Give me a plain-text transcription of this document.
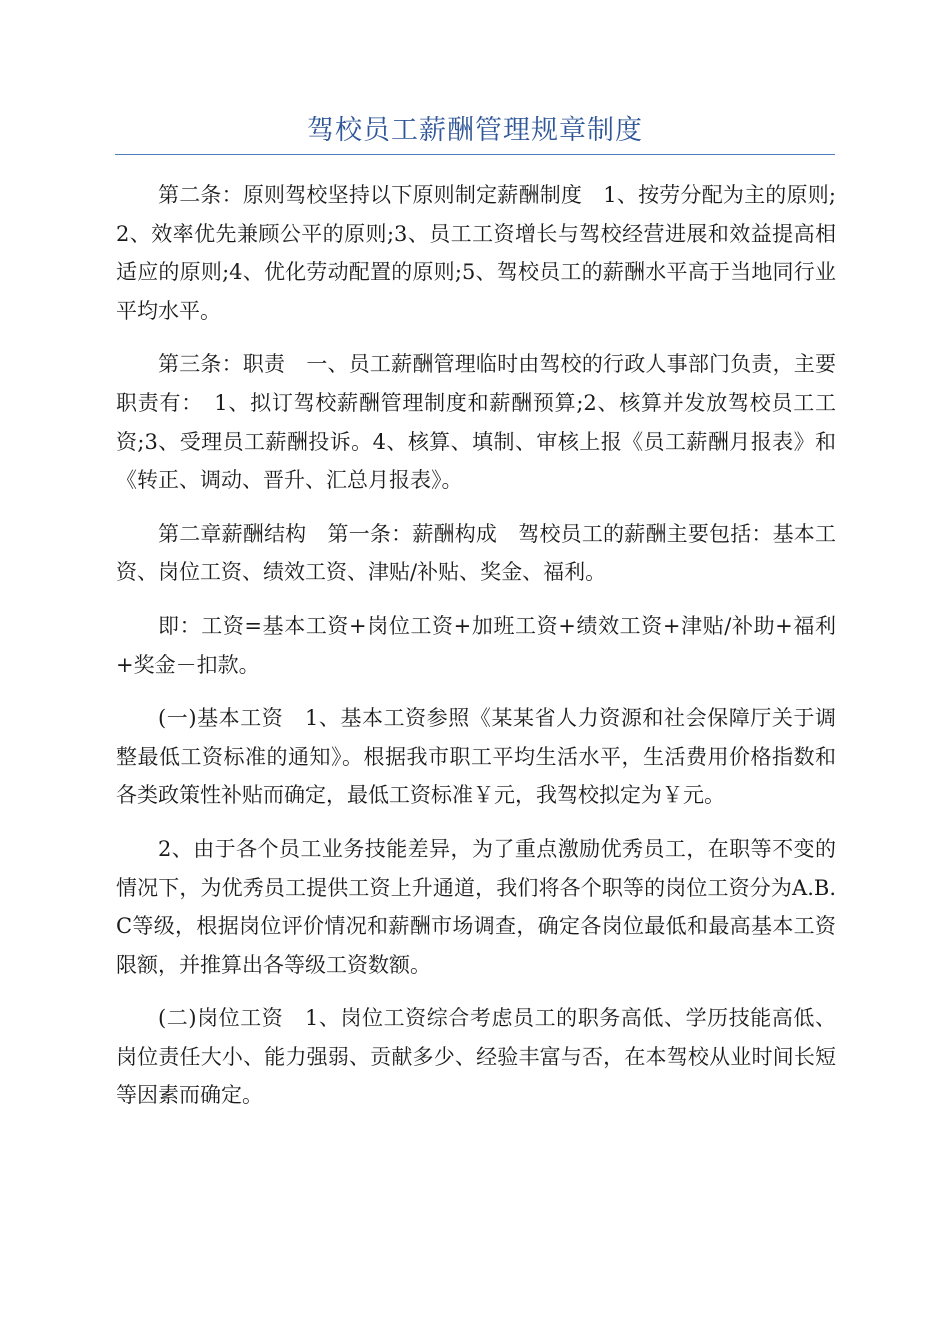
驾校员工薪酬管理规章制度

第二条：原则驾校坚持以下原则制定薪酬制度　1、按劳分配为主的原则;2、效率优先兼顾公平的原则;3、员工工资增长与驾校经营进展和效益提高相适应的原则;4、优化劳动配置的原则;5、驾校员工的薪酬水平高于当地同行业平均水平。

第三条：职责　一、员工薪酬管理临时由驾校的行政人事部门负责，主要职责有：　1、拟订驾校薪酬管理制度和薪酬预算;2、核算并发放驾校员工工资;3、受理员工薪酬投诉。4、核算、填制、审核上报《员工薪酬月报表》和《转正、调动、晋升、汇总月报表》。

第二章薪酬结构　第一条：薪酬构成　驾校员工的薪酬主要包括：基本工资、岗位工资、绩效工资、津贴/补贴、奖金、福利。

即：工资=基本工资+岗位工资+加班工资+绩效工资+津贴/补助+福利+奖金－扣款。

(一)基本工资　1、基本工资参照《某某省人力资源和社会保障厅关于调整最低工资标准的通知》。根据我市职工平均生活水平，生活费用价格指数和各类政策性补贴而确定，最低工资标准￥元，我驾校拟定为￥元。

2、由于各个员工业务技能差异，为了重点激励优秀员工，在职等不变的情况下，为优秀员工提供工资上升通道，我们将各个职等的岗位工资分为A.B.C等级，根据岗位评价情况和薪酬市场调查，确定各岗位最低和最高基本工资限额，并推算出各等级工资数额。

(二)岗位工资　1、岗位工资综合考虑员工的职务高低、学历技能高低、岗位责任大小、能力强弱、贡献多少、经验丰富与否，在本驾校从业时间长短等因素而确定。
